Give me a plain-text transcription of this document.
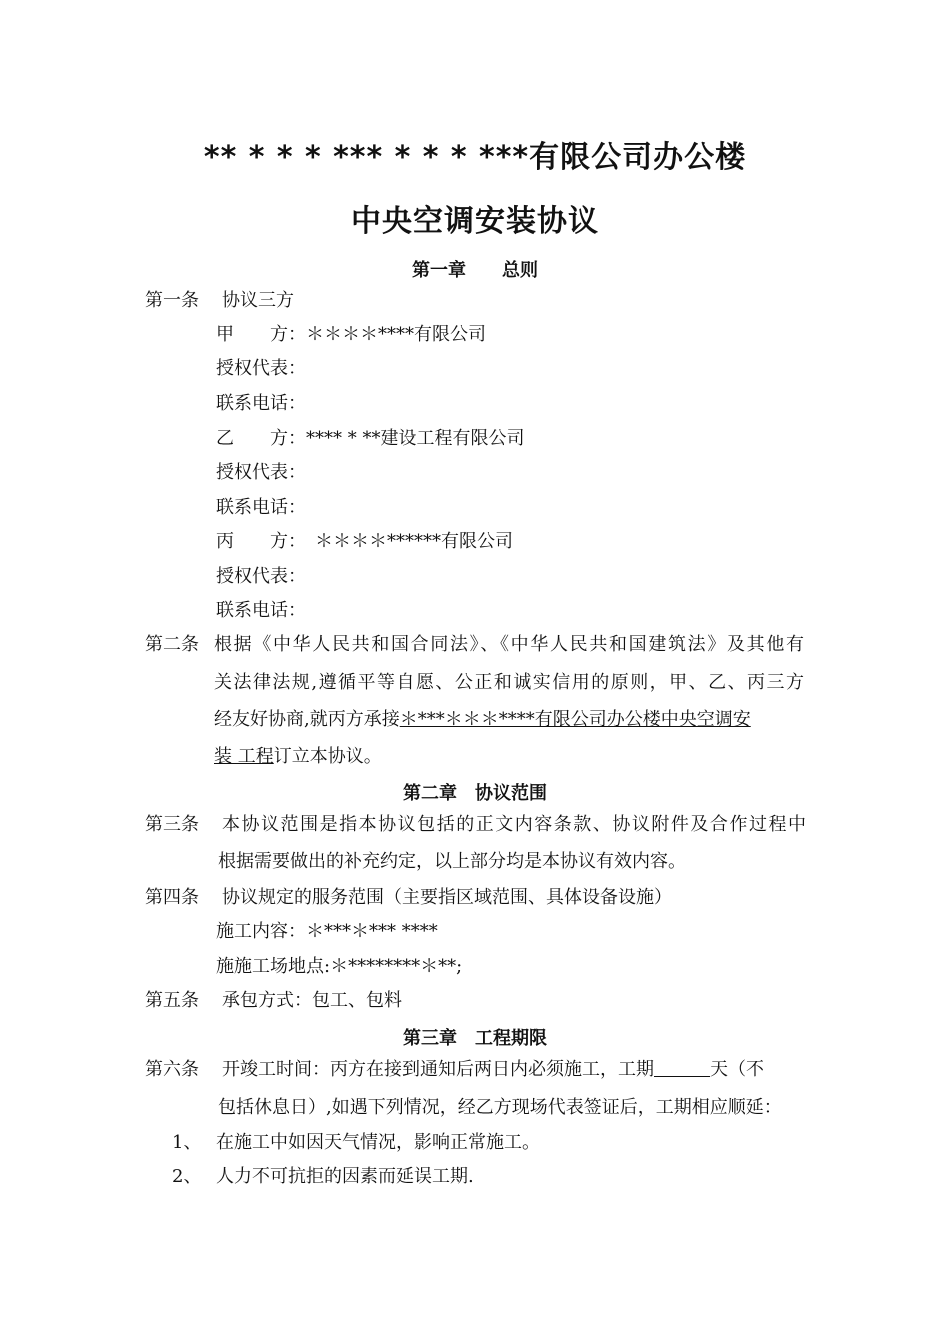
** * * * *** * * * ***有限公司办公楼
中央空调安装协议
第一章　　总则
第一条 协议三方
甲　　方：＊＊＊＊****有限公司
授权代表：
联系电话：
乙　　方：**** * **建设工程有限公司
授权代表：
联系电话：
丙　　方：　＊＊＊＊******有限公司
授权代表：
联系电话：
第二条 根据《中华人民共和国合同法》、《中华人民共和国建筑法》及其他有
关法律法规,遵循平等自愿、公正和诚实信用的原则，甲、乙、丙三方
经友好协商,就丙方承接＊***＊＊＊****有限公司办公楼中央空调安
装 工程订立本协议。
第二章　协议范围
第三条 本协议范围是指本协议包括的正文内容条款、协议附件及合作过程中
根据需要做出的补充约定，以上部分均是本协议有效内容。
第四条 协议规定的服务范围（主要指区域范围、具体设备设施）
施工内容：＊***＊*** ****
施施工场地点:＊********＊**;
第五条 承包方式：包工、包料
第三章　工程期限
第六条 开竣工时间：丙方在接到通知后两日内必须施工，工期	天（不
包括休息日）,如遇下列情况，经乙方现场代表签证后，工期相应顺延：
1、 在施工中如因天气情况，影响正常施工。
2、 人力不可抗拒的因素而延误工期.
